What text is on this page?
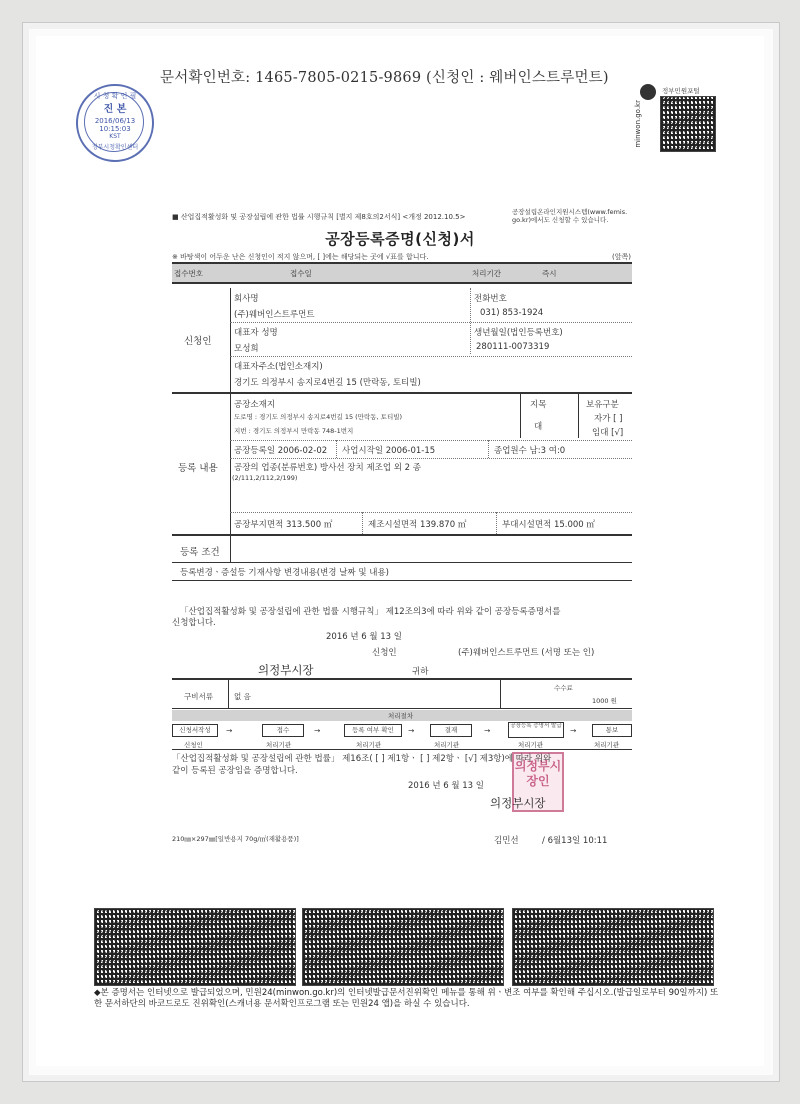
문서확인번호: 1465-7805-0215-9869 (신청인 : 웨버인스트루먼트)
시 청 확 인 필
진 본
2016/06/13
10:15:03
KST
정부시청확인센터
정부민원포털
minwon.go.kr
■ 산업집적활성화 및 공장설립에 관한 법률 시행규칙 [별지 제8호의2서식] <개정 2012.10.5>
공장설립온라인지원시스템(www.femis.
go.kr)에서도 신청할 수 있습니다.
공장등록증명(신청)서
※ 바탕색이 어두운 난은 신청인이 적지 않으며, [ ]에는 해당되는 곳에 √표를 합니다.	(앞쪽)
접수번호	접수일	처리기간	즉시
신청인
회사명
(주)웨버인스트루먼트
전화번호
031) 853-1924
대표자 성명
모성희
생년월일(법인등록번호)
280111-0073319
대표자주소(법인소재지)
경기도 의정부시 송지로4번길 15 (만락동, 토티빌)
등록 내용
공장소재지
도로명 : 경기도 의정부시 송지로4번길 15 (만락동, 토티빌)
지번 : 경기도 의정부시 만락동 748-1번지
지목
대
보유구분
자가 [ ]
임대 [√]
공장등록일 2006-02-02 사업시작일 2006-01-15	종업원수 남:3 여:0
공장의 업종(분류번호) 방사선 장치 제조업 외 2 종
(2/111,2/112,2/199)
공장부지면적 313.500 ㎡	제조시설면적 139.870 ㎡	부대시설면적 15.000 ㎡
등록 조건
등록변경ㆍ증설등 기재사항 변경내용(변경 날짜 및 내용)
「산업집적활성화 및 공장설립에 관한 법률 시행규칙」 제12조의3에 따라 위와 같이 공장등록증명서를
신청합니다.
2016 년 6 월 13 일
신청인	(주)웨버인스트루먼트 (서명 또는 인)
의정부시장	귀하
구비서류	없 음
수수료
1000 원
처리절차
신청서작성	→	접수	→	등록 여부 확인	→	결재	→	공장등록 증명서 발급	→	통보
신청인	처리기관	처리기관	처리기관	처리기관	처리기관
의정부시장인
「산업집적활성화 및 공장설립에 관한 법률」 제16조( [ ] 제1항ㆍ [ ] 제2항ㆍ [√] 제3항)에 따라 위와
같이 등록된 공장임을 증명합니다.
2016 년 6 월 13 일
의정부시장
210㎜×297㎜[일반용지 70g/㎡(재활용품)]	김민선	/ 6월13일 10:11
◆본 증명서는 인터넷으로 발급되었으며, 민원24(minwon.go.kr)의 인터넷발급문서진위확인 메뉴를 통해 위ㆍ변조 여부를 확인해 주십시오.(발급일로부터 90일까지) 또한 문서하단의 바코드로도 진위확인(스캐너용 문서확인프로그램 또는 민원24 앱)을 하실 수 있습니다.
